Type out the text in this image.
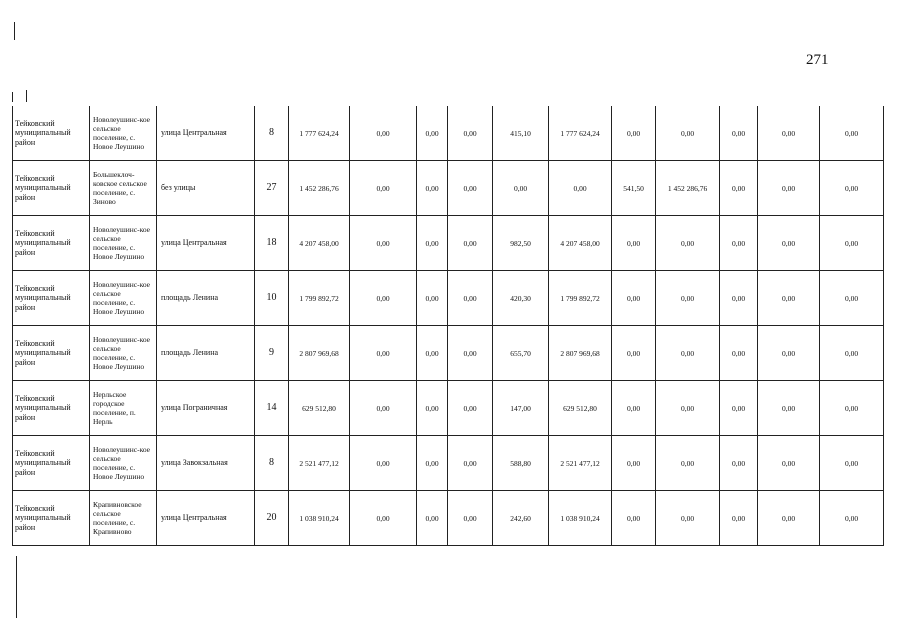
271
Тейковский муниципальный район	Новолеушинс-кое сельское поселение, с. Новое Леушино	улица Центральная	8	1 777 624,24	0,00	0,00	0,00	415,10	1 777 624,24	0,00	0,00	0,00	0,00	0,00
Тейковский муниципальный район	Большеклоч-ковское сельское поселение, с. Зиново	без улицы	27	1 452 286,76	0,00	0,00	0,00	0,00	0,00	541,50	1 452 286,76	0,00	0,00	0,00
Тейковский муниципальный район	Новолеушинс-кое сельское поселение, с. Новое Леушино	улица Центральная	18	4 207 458,00	0,00	0,00	0,00	982,50	4 207 458,00	0,00	0,00	0,00	0,00	0,00
Тейковский муниципальный район	Новолеушинс-кое сельское поселение, с. Новое Леушино	площадь Ленина	10	1 799 892,72	0,00	0,00	0,00	420,30	1 799 892,72	0,00	0,00	0,00	0,00	0,00
Тейковский муниципальный район	Новолеушинс-кое сельское поселение, с. Новое Леушино	площадь Ленина	9	2 807 969,68	0,00	0,00	0,00	655,70	2 807 969,68	0,00	0,00	0,00	0,00	0,00
Тейковский муниципальный район	Нерльское городское поселение, п. Нерль	улица Пограничная	14	629 512,80	0,00	0,00	0,00	147,00	629 512,80	0,00	0,00	0,00	0,00	0,00
Тейковский муниципальный район	Новолеушинс-кое сельское поселение, с. Новое Леушино	улица Завокзальная	8	2 521 477,12	0,00	0,00	0,00	588,80	2 521 477,12	0,00	0,00	0,00	0,00	0,00
Тейковский муниципальный район	Крапивновское сельское поселение, с. Крапивново	улица Центральная	20	1 038 910,24	0,00	0,00	0,00	242,60	1 038 910,24	0,00	0,00	0,00	0,00	0,00
